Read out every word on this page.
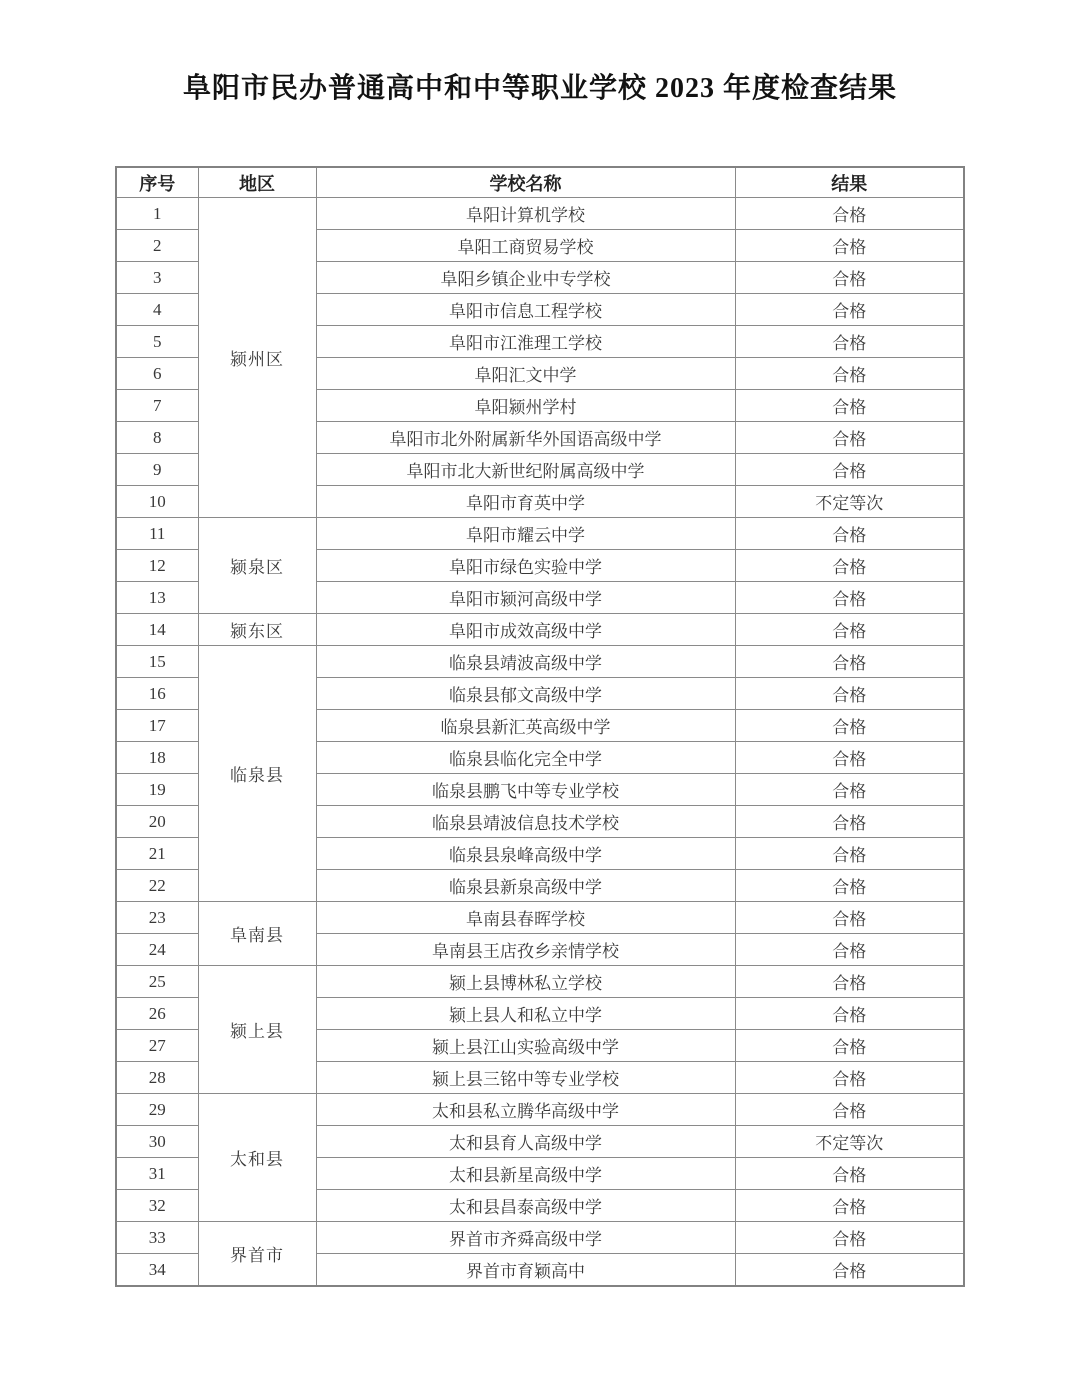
阜阳市民办普通高中和中等职业学校 2023 年度检查结果
序号	地区	学校名称	结果
1	颍州区	阜阳计算机学校	合格
2		阜阳工商贸易学校	合格
3		阜阳乡镇企业中专学校	合格
4		阜阳市信息工程学校	合格
5		阜阳市江淮理工学校	合格
6		阜阳汇文中学	合格
7		阜阳颍州学村	合格
8		阜阳市北外附属新华外国语高级中学	合格
9		阜阳市北大新世纪附属高级中学	合格
10		阜阳市育英中学	不定等次
11	颍泉区	阜阳市耀云中学	合格
12		阜阳市绿色实验中学	合格
13		阜阳市颍河高级中学	合格
14	颍东区	阜阳市成效高级中学	合格
15	临泉县	临泉县靖波高级中学	合格
16		临泉县郁文高级中学	合格
17		临泉县新汇英高级中学	合格
18		临泉县临化完全中学	合格
19		临泉县鹏飞中等专业学校	合格
20		临泉县靖波信息技术学校	合格
21		临泉县泉峰高级中学	合格
22		临泉县新泉高级中学	合格
23	阜南县	阜南县春晖学校	合格
24		阜南县王店孜乡亲情学校	合格
25	颍上县	颍上县博林私立学校	合格
26		颍上县人和私立中学	合格
27		颍上县江山实验高级中学	合格
28		颍上县三铭中等专业学校	合格
29	太和县	太和县私立腾华高级中学	合格
30		太和县育人高级中学	不定等次
31		太和县新星高级中学	合格
32		太和县昌泰高级中学	合格
33	界首市	界首市齐舜高级中学	合格
34		界首市育颖高中	合格
